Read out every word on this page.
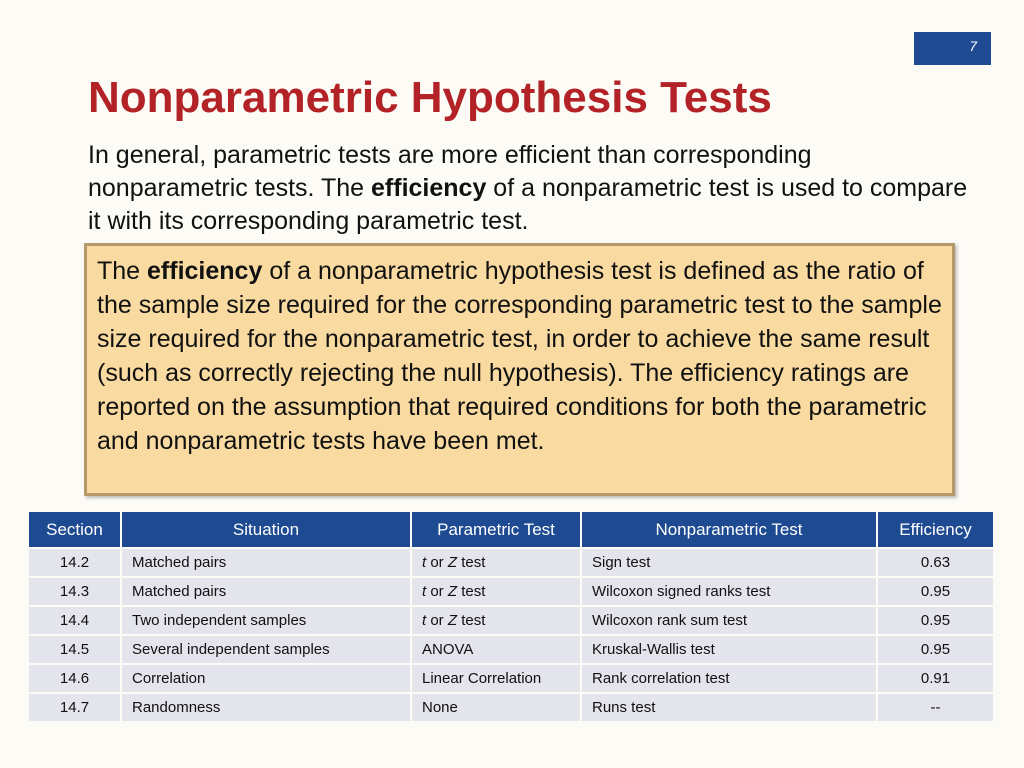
7
Nonparametric Hypothesis Tests

In general, parametric tests are more efficient than corresponding nonparametric tests. The efficiency of a nonparametric test is used to compare it with its corresponding parametric test.

The efficiency of a nonparametric hypothesis test is defined as the ratio of the sample size required for the corresponding parametric test to the sample size required for the nonparametric test, in order to achieve the same result (such as correctly rejecting the null hypothesis). The efficiency ratings are reported on the assumption that required conditions for both the parametric and nonparametric tests have been met.
Section	Situation	Parametric Test	Nonparametric Test	Efficiency
14.2	Matched pairs	t or Z test	Sign test	0.63
14.3	Matched pairs	t or Z test	Wilcoxon signed ranks test	0.95
14.4	Two independent samples	t or Z test	Wilcoxon rank sum test	0.95
14.5	Several independent samples	ANOVA	Kruskal-Wallis test	0.95
14.6	Correlation	Linear Correlation	Rank correlation test	0.91
14.7	Randomness	None	Runs test	--
